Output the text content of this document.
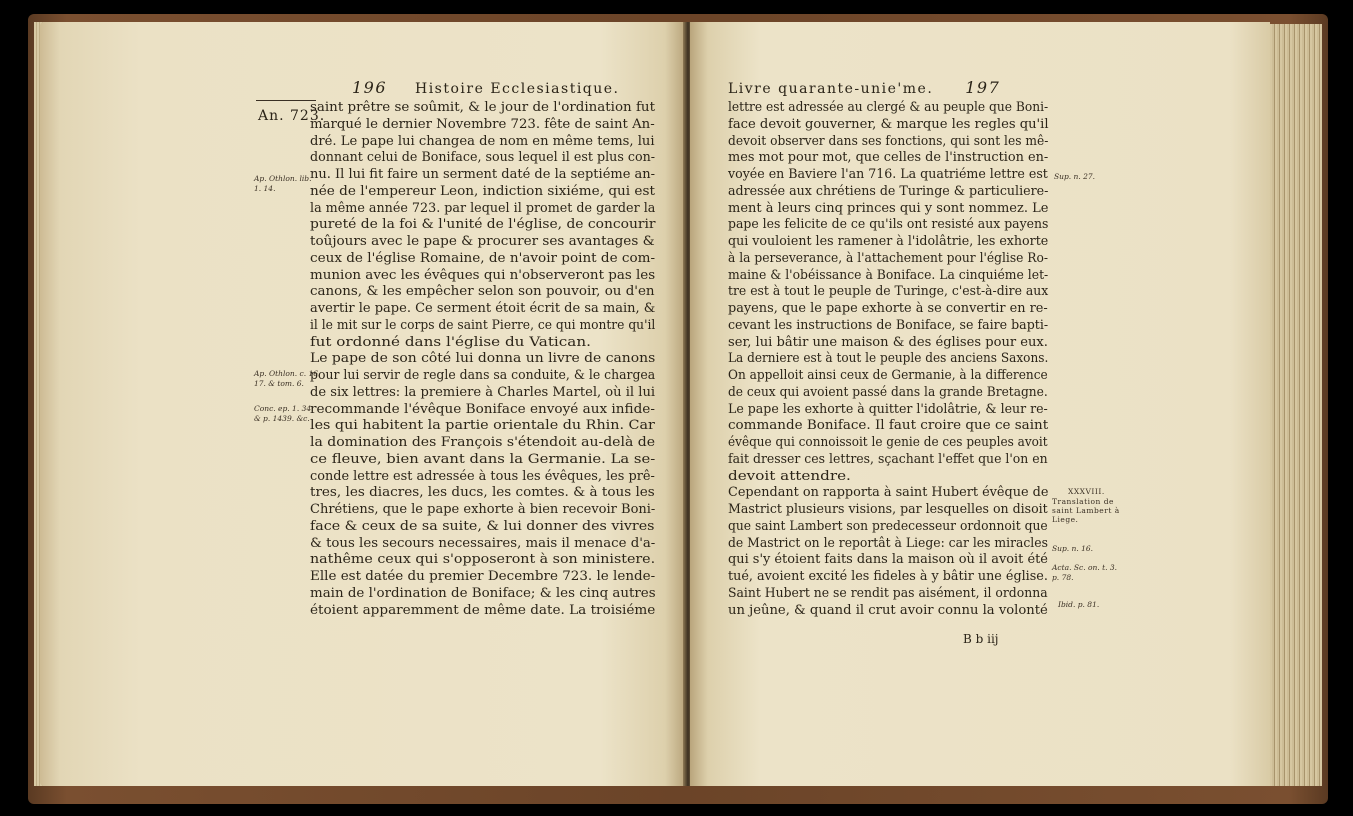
196 Histoire Ecclesiastique.
An. 723.
Ap. Othlon. lib.
1. 14.
Ap. Othlon. c. 16.
17. & tom. 6.
Conc. ep. 1. 34.
& p. 1439. &c.
saint prêtre se soûmit, & le jour de l'ordination fut
marqué le dernier Novembre 723. fête de saint An-
dré. Le pape lui changea de nom en même tems, lui
donnant celui de Boniface, sous lequel il est plus con-
nu. Il lui fit faire un serment daté de la septiéme an-
née de l'empereur Leon, indiction sixiéme, qui est
la même année 723. par lequel il promet de garder la
pureté de la foi & l'unité de l'église, de concourir
toûjours avec le pape & procurer ses avantages &
ceux de l'église Romaine, de n'avoir point de com-
munion avec les évêques qui n'observeront pas les
canons, & les empêcher selon son pouvoir, ou d'en
avertir le pape. Ce serment étoit écrit de sa main, &
il le mit sur le corps de saint Pierre, ce qui montre qu'il
fut ordonné dans l'église du Vatican.
Le pape de son côté lui donna un livre de canons
pour lui servir de regle dans sa conduite, & le chargea
de six lettres: la premiere à Charles Martel, où il lui
recommande l'évêque Boniface envoyé aux infide-
les qui habitent la partie orientale du Rhin. Car
la domination des François s'étendoit au-delà de
ce fleuve, bien avant dans la Germanie. La se-
conde lettre est adressée à tous les évêques, les prê-
tres, les diacres, les ducs, les comtes. & à tous les
Chrétiens, que le pape exhorte à bien recevoir Boni-
face & ceux de sa suite, & lui donner des vivres
& tous les secours necessaires, mais il menace d'a-
nathême ceux qui s'opposeront à son ministere.
Elle est datée du premier Decembre 723. le lende-
main de l'ordination de Boniface; & les cinq autres
étoient apparemment de même date. La troisiéme
Livre quarante-unie'me. 197
Sup. n. 27.
XXXVIII.
Translation de
saint Lambert à
Liege.
Sup. n. 16.
Acta. Sc. on. t. 3.
p. 78.
Ibid. p. 81.
lettre est adressée au clergé & au peuple que Boni-
face devoit gouverner, & marque les regles qu'il
devoit observer dans ses fonctions, qui sont les mê-
mes mot pour mot, que celles de l'instruction en-
voyée en Baviere l'an 716. La quatriéme lettre est
adressée aux chrétiens de Turinge & particuliere-
ment à leurs cinq princes qui y sont nommez. Le
pape les felicite de ce qu'ils ont resisté aux payens
qui vouloient les ramener à l'idolâtrie, les exhorte
à la perseverance, à l'attachement pour l'église Ro-
maine & l'obéissance à Boniface. La cinquiéme let-
tre est à tout le peuple de Turinge, c'est-à-dire aux
payens, que le pape exhorte à se convertir en re-
cevant les instructions de Boniface, se faire bapti-
ser, lui bâtir une maison & des églises pour eux.
La derniere est à tout le peuple des anciens Saxons.
On appelloit ainsi ceux de Germanie, à la difference
de ceux qui avoient passé dans la grande Bretagne.
Le pape les exhorte à quitter l'idolâtrie, & leur re-
commande Boniface. Il faut croire que ce saint
évêque qui connoissoit le genie de ces peuples avoit
fait dresser ces lettres, sçachant l'effet que l'on en
devoit attendre.
Cependant on rapporta à saint Hubert évêque de
Mastrict plusieurs visions, par lesquelles on disoit
que saint Lambert son predecesseur ordonnoit que
de Mastrict on le reportât à Liege: car les miracles
qui s'y étoient faits dans la maison où il avoit été
tué, avoient excité les fideles à y bâtir une église.
Saint Hubert ne se rendit pas aisément, il ordonna
un jeûne, & quand il crut avoir connu la volonté
B b iij
